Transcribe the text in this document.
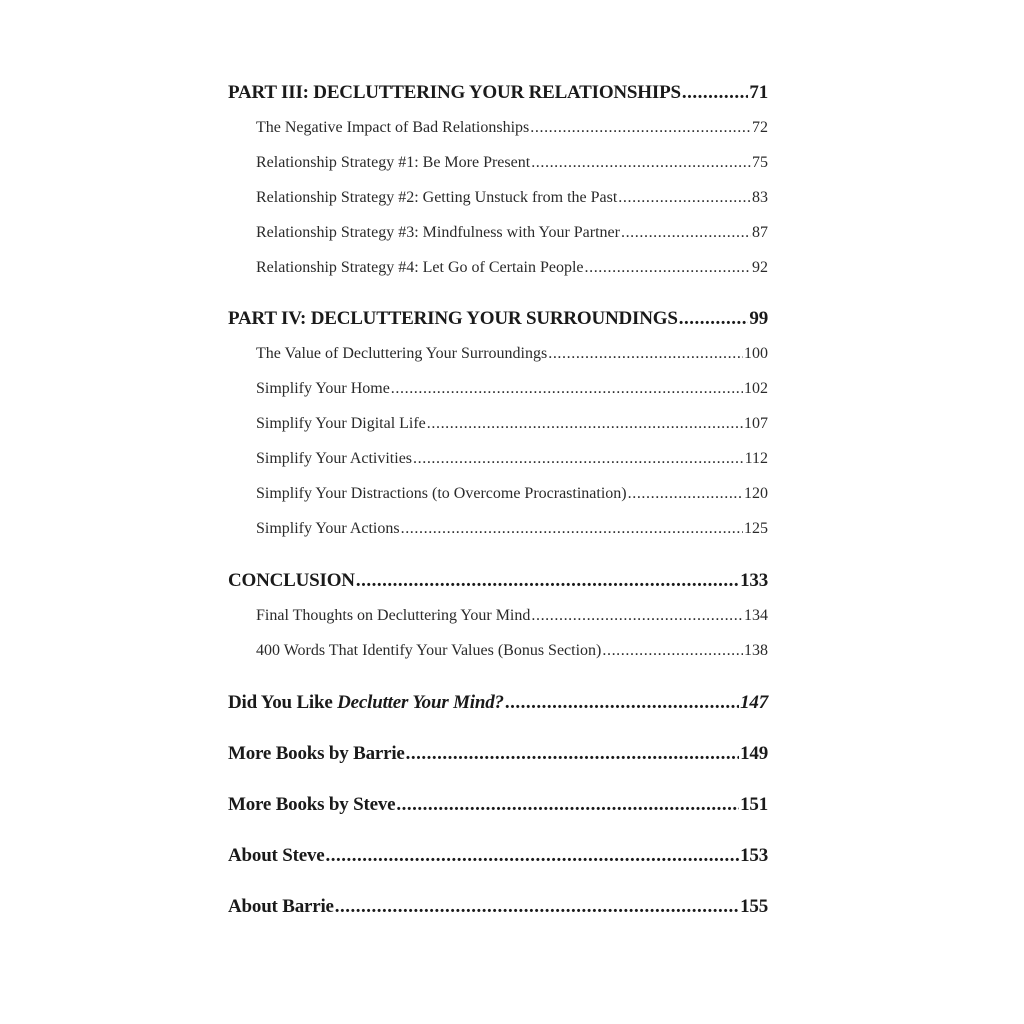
PART III: DECLUTTERING YOUR RELATIONSHIPS .....	71
The Negative Impact of Bad Relationships .....	72
Relationship Strategy #1: Be More Present .....	75
Relationship Strategy #2: Getting Unstuck from the Past .....	83
Relationship Strategy #3: Mindfulness with Your Partner .....	87
Relationship Strategy #4: Let Go of Certain People .....	92
PART IV: DECLUTTERING YOUR SURROUNDINGS .....	99
The Value of Decluttering Your Surroundings .....	100
Simplify Your Home .....	102
Simplify Your Digital Life .....	107
Simplify Your Activities .....	112
Simplify Your Distractions (to Overcome Procrastination) .....	120
Simplify Your Actions .....	125
CONCLUSION .....	133
Final Thoughts on Decluttering Your Mind .....	134
400 Words That Identify Your Values (Bonus Section) .....	138
Did You Like Declutter Your Mind? .....	147
More Books by Barrie .....	149
More Books by Steve .....	151
About Steve .....	153
About Barrie .....	155
